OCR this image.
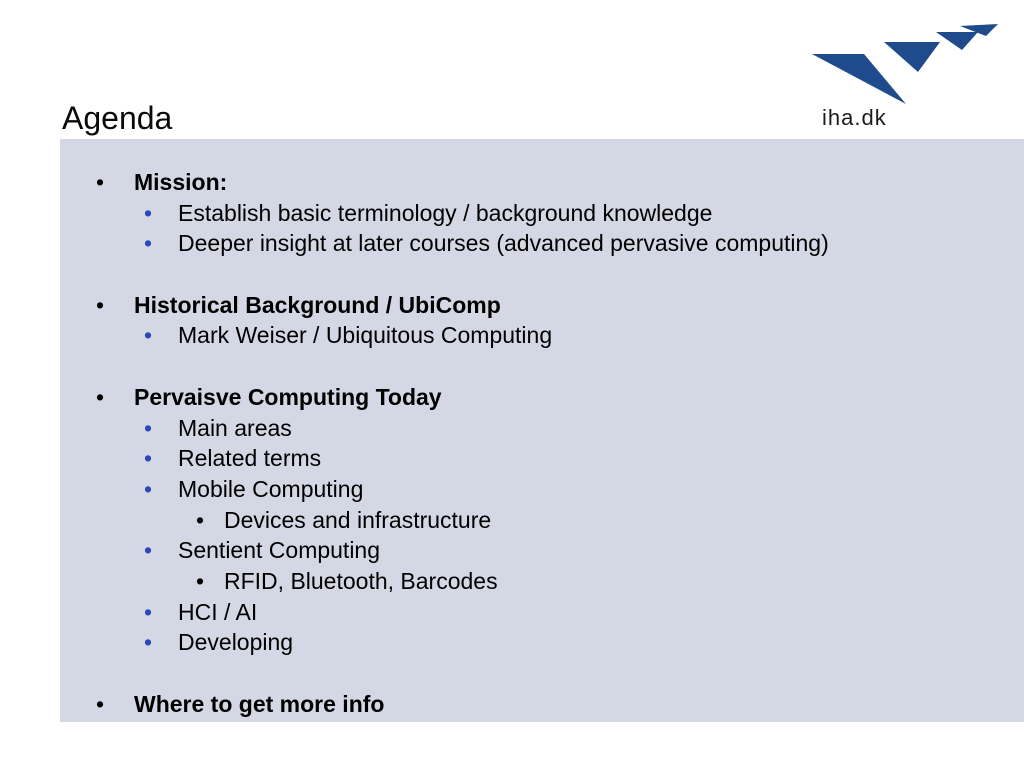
Agenda	iha.dk
• Mission:
• Establish basic terminology / background knowledge
• Deeper insight at later courses (advanced pervasive computing)
• Historical Background / UbiComp
• Mark Weiser / Ubiquitous Computing
• Pervaisve Computing Today
• Main areas
• Related terms
• Mobile Computing
• Devices and infrastructure
• Sentient Computing
• RFID, Bluetooth, Barcodes
• HCI / AI
• Developing
• Where to get more info
